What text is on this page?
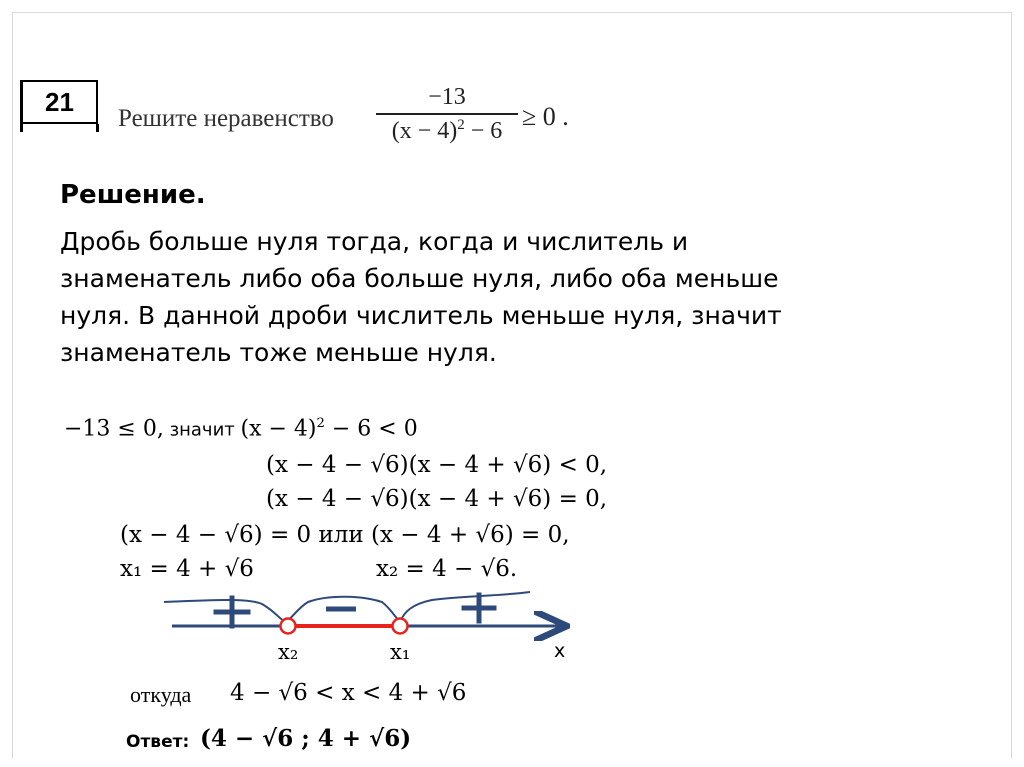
21
Решите неравенство
−13
$(x - 4)^2 - 6 \ge 0$ .
Решение.
Дробь больше нуля тогда, когда и числитель и
знаменатель либо оба больше нуля, либо оба меньше
нуля. В данной дроби числитель меньше нуля, значит
знаменатель тоже меньше нуля.
−13 ≤ 0, значит $(x - 4)^2 - 6 < 0$
(x − 4 − √6)(x − 4 + √6) < 0,
(x − 4 − √6)(x − 4 + √6) = 0,
(x − 4 − √6) = 0 или (x − 4 + √6) = 0,
x₁ = 4 + √6	x₂ = 4 − √6.
x₂	x₁	x
откуда 4 − √6 < x < 4 + √6
Ответ: (4 − √6 ; 4 + √6)
